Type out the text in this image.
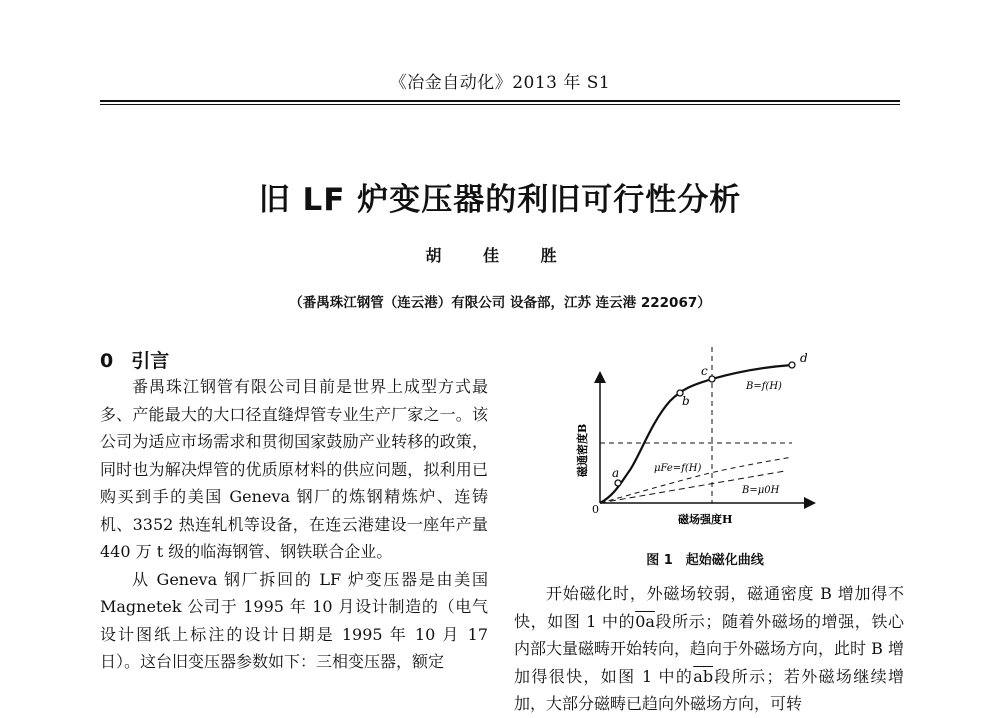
《冶金自动化》2013 年 S1
旧 LF 炉变压器的利旧可行性分析
胡 佳 胜
（番禺珠江钢管（连云港）有限公司 设备部，江苏 连云港 222067）
0 引言

番禺珠江钢管有限公司目前是世界上成型方式最多、产能最大的大口径直缝焊管专业生产厂家之一。该公司为适应市场需求和贯彻国家鼓励产业转移的政策，同时也为解决焊管的优质原材料的供应问题，拟利用已购买到手的美国 Geneva 钢厂的炼钢精炼炉、连铸机、3352 热连轧机等设备，在连云港建设一座年产量 440 万 t 级的临海钢管、钢铁联合企业。

从 Geneva 钢厂拆回的 LF 炉变压器是由美国 Magnetek 公司于 1995 年 10 月设计制造的（电气设计图纸上标注的设计日期是 1995 年 10 月 17 日）。这台旧变压器参数如下：三相变压器，额定

a
b
c
d
B=f(H)
μFe=f(H)
B=μ0H
0
磁场强度H
磁通密度B
图 1　起始磁化曲线

开始磁化时，外磁场较弱，磁通密度 B 增加得不快，如图 1 中的0a段所示；随着外磁场的增强，铁心内部大量磁畴开始转向，趋向于外磁场方向，此时 B 增加得很快，如图 1 中的$\overline{ab}$段所示；若外磁场继续增加，大部分磁畴已趋向外磁场方向，可转
